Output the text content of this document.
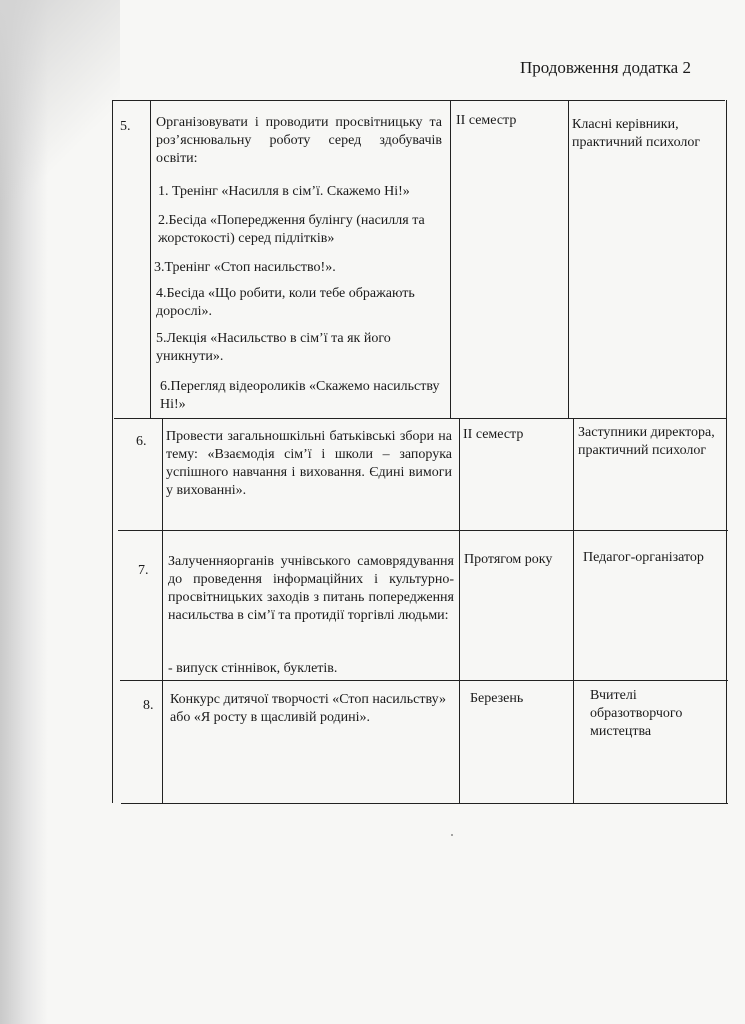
Продовження додатка 2
5. Організовувати і проводити просвітницьку та роз’яснювальну роботу серед здобувачів освіти:
1. Тренінг «Насилля в сім’ї. Скажемо Ні!»
2.Бесіда «Попередження булінгу (насилля та жорстокості) серед підлітків»
3.Тренінг «Стоп насильство!».
4.Бесіда «Що робити, коли тебе ображають дорослі».
5.Лекція «Насильство в сім’ї та як його уникнути».
6.Перегляд відеороликів «Скажемо насильству Ні!»
II семестр	Класні керівники, практичний психолог
6. Провести загальношкільні батьківські збори на тему: «Взаємодія сім’ї і школи – запорука успішного навчання і виховання. Єдині вимоги у вихованні».
II семестр	Заступники директора, практичний психолог
7.
Залученняорганів учнівського самоврядування до проведення інформаційних і культурно-просвітницьких заходів з питань попередження насильства в сім’ї та протидії торгівлі людьми:
- випуск стіннівок, буклетів.
Протягом року	Педагог-організатор
8. Конкурс дитячої творчості «Стоп насильству» або «Я росту в щасливій родині».
Березень	Вчителі образотворчого мистецтва
